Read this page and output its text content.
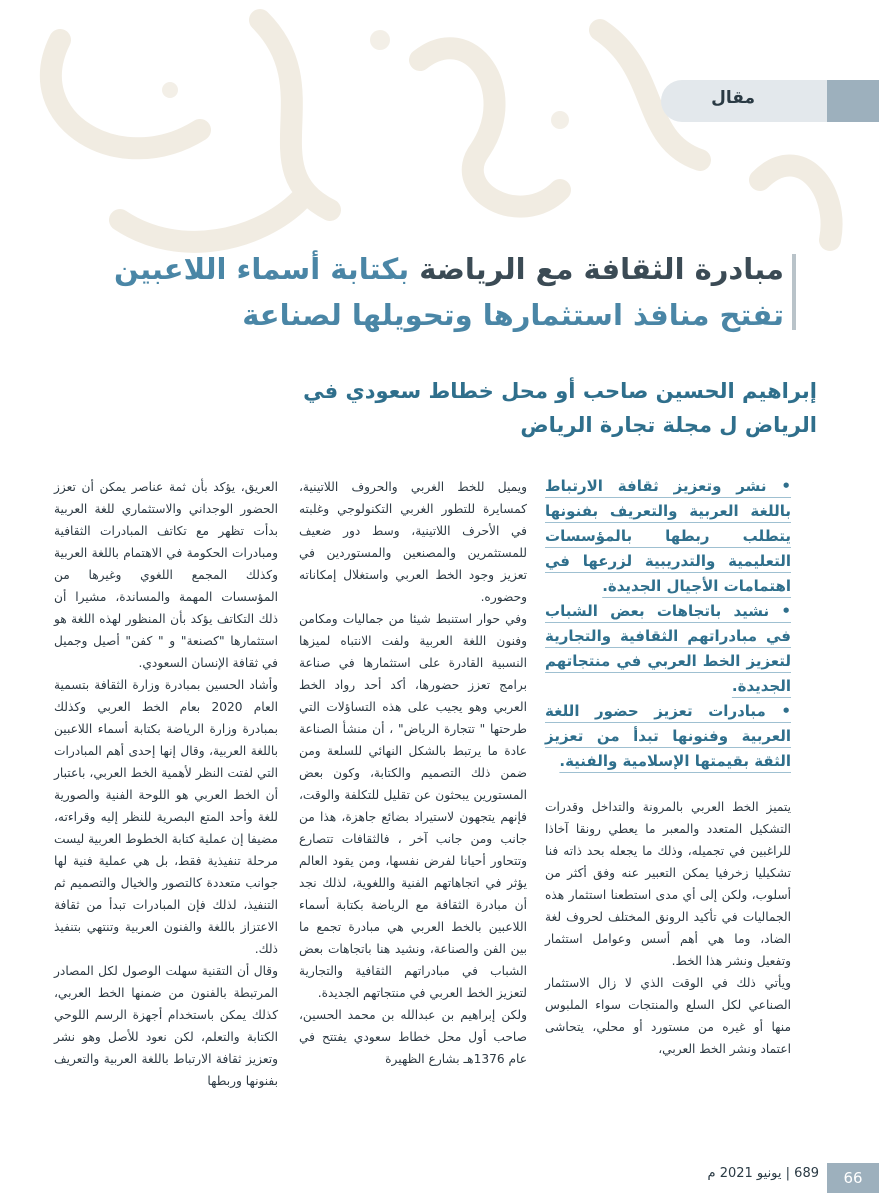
مقال
مبادرة الثقافة مع الرياضة بكتابة أسماء اللاعبين
تفتح منافذ استثمارها وتحويلها لصناعة
إبراهيم الحسين صاحب أو محل خطاط سعودي في الرياض ل مجلة تجارة الرياض

• نشر وتعزيز ثقافة الارتباط باللغة العربية والتعريف بفنونها يتطلب ربطها بالمؤسسات التعليمية والتدريبية لزرعها في اهتمامات الأجيال الجديدة.

• نشيد باتجاهات بعض الشباب في مبادراتهم الثقافية والتجارية لتعزيز الخط العربي في منتجاتهم الجديدة.

• مبادرات تعزيز حضور اللغة العربية وفنونها تبدأ من تعزيز الثقة بقيمتها الإسلامية والفنية.

يتميز الخط العربي بالمرونة والتداخل وقدرات التشكيل المتعدد والمعبر ما يعطي رونقا آخاذا للراغبين في تجميله، وذلك ما يجعله بحد ذاته فنا تشكيليا زخرفيا يمكن التعبير عنه وفق أكثر من أسلوب، ولكن إلى أي مدى استطعنا استثمار هذه الجماليات في تأكيد الرونق المختلف لحروف لغة الضاد، وما هي أهم أسس وعوامل استثمار وتفعيل ونشر هذا الخط.

ويأتي ذلك في الوقت الذي لا زال الاستثمار الصناعي لكل السلع والمنتجات سواء الملبوس منها أو غيره من مستورد أو محلي، يتحاشى اعتماد ونشر الخط العربي،

ويميل للخط الغربي والحروف اللاتينية، كمسايرة للتطور الغربي التكنولوجي وغلبته في الأحرف اللاتينية، وسط دور ضعيف للمستثمرين والمصنعين والمستوردين في تعزيز وجود الخط العربي واستغلال إمكاناته وحضوره.

وفي حوار استنبط شيئا من جماليات ومكامن وفنون اللغة العربية ولفت الانتباه لميزها النسبية القادرة على استثمارها في صناعة برامج تعزز حضورها، أكد أحد رواد الخط العربي وهو يجيب على هذه التساؤلات التي طرحتها " تتجارة الرياض" ، أن منشأ الصناعة عادة ما يرتبط بالشكل النهائي للسلعة ومن ضمن ذلك التصميم والكتابة، وكون بعض المستورين يبحثون عن تقليل للتكلفة والوقت، فإنهم يتجهون لاستيراد بضائع جاهزة، هذا من جانب ومن جانب آخر ، فالثقافات تتصارع وتتحاور أحيانا لفرض نفسها، ومن يقود العالم يؤثر في اتجاهاتهم الفنية واللغوية، لذلك نجد أن مبادرة الثقافة مع الرياضة بكتابة أسماء اللاعبين بالخط العربي هي مبادرة تجمع ما بين الفن والصناعة، ونشيد هنا باتجاهات بعض الشباب في مبادراتهم الثقافية والتجارية لتعزيز الخط العربي في منتجاتهم الجديدة.

ولكن إبراهيم بن عبدالله بن محمد الحسين، صاحب أول محل خطاط سعودي يفتتح في عام 1376هـ بشارع الظهيرة

العريق، يؤكد بأن ثمة عناصر يمكن أن تعزز الحضور الوجداني والاستثماري للغة العربية بدأت تظهر مع تكاتف المبادرات الثقافية ومبادرات الحكومة في الاهتمام باللغة العربية وكذلك المجمع اللغوي وغيرها من المؤسسات المهمة والمساندة، مشيرا أن ذلك التكاتف يؤكد بأن المنظور لهذه اللغة هو استثمارها "كصنعة" و " كفن" أصيل وجميل في ثقافة الإنسان السعودي.

وأشاد الحسين بمبادرة وزارة الثقافة بتسمية العام 2020 بعام الخط العربي وكذلك بمبادرة وزارة الرياضة بكتابة أسماء اللاعبين باللغة العربية، وقال إنها إحدى أهم المبادرات التي لفتت النظر لأهمية الخط العربي، باعتبار أن الخط العربي هو اللوحة الفنية والصورية للغة وأحد المتع البصرية للنظر إليه وقراءته، مضيفا إن عملية كتابة الخطوط العربية ليست مرحلة تنفيذية فقط، بل هي عملية فنية لها جوانب متعددة كالتصور والخيال والتصميم ثم التنفيذ، لذلك فإن المبادرات تبدأ من ثقافة الاعتزاز باللغة والفنون العربية وتنتهي بتنفيذ ذلك.

وقال أن التقنية سهلت الوصول لكل المصادر المرتبطة بالفنون من ضمنها الخط العربي، كذلك يمكن باستخدام أجهزة الرسم اللوحي الكتابة والتعلم، لكن نعود للأصل وهو نشر وتعزيز ثقافة الارتباط باللغة العربية والتعريف بفنونها وربطها

66
689 | يونيو 2021 م
